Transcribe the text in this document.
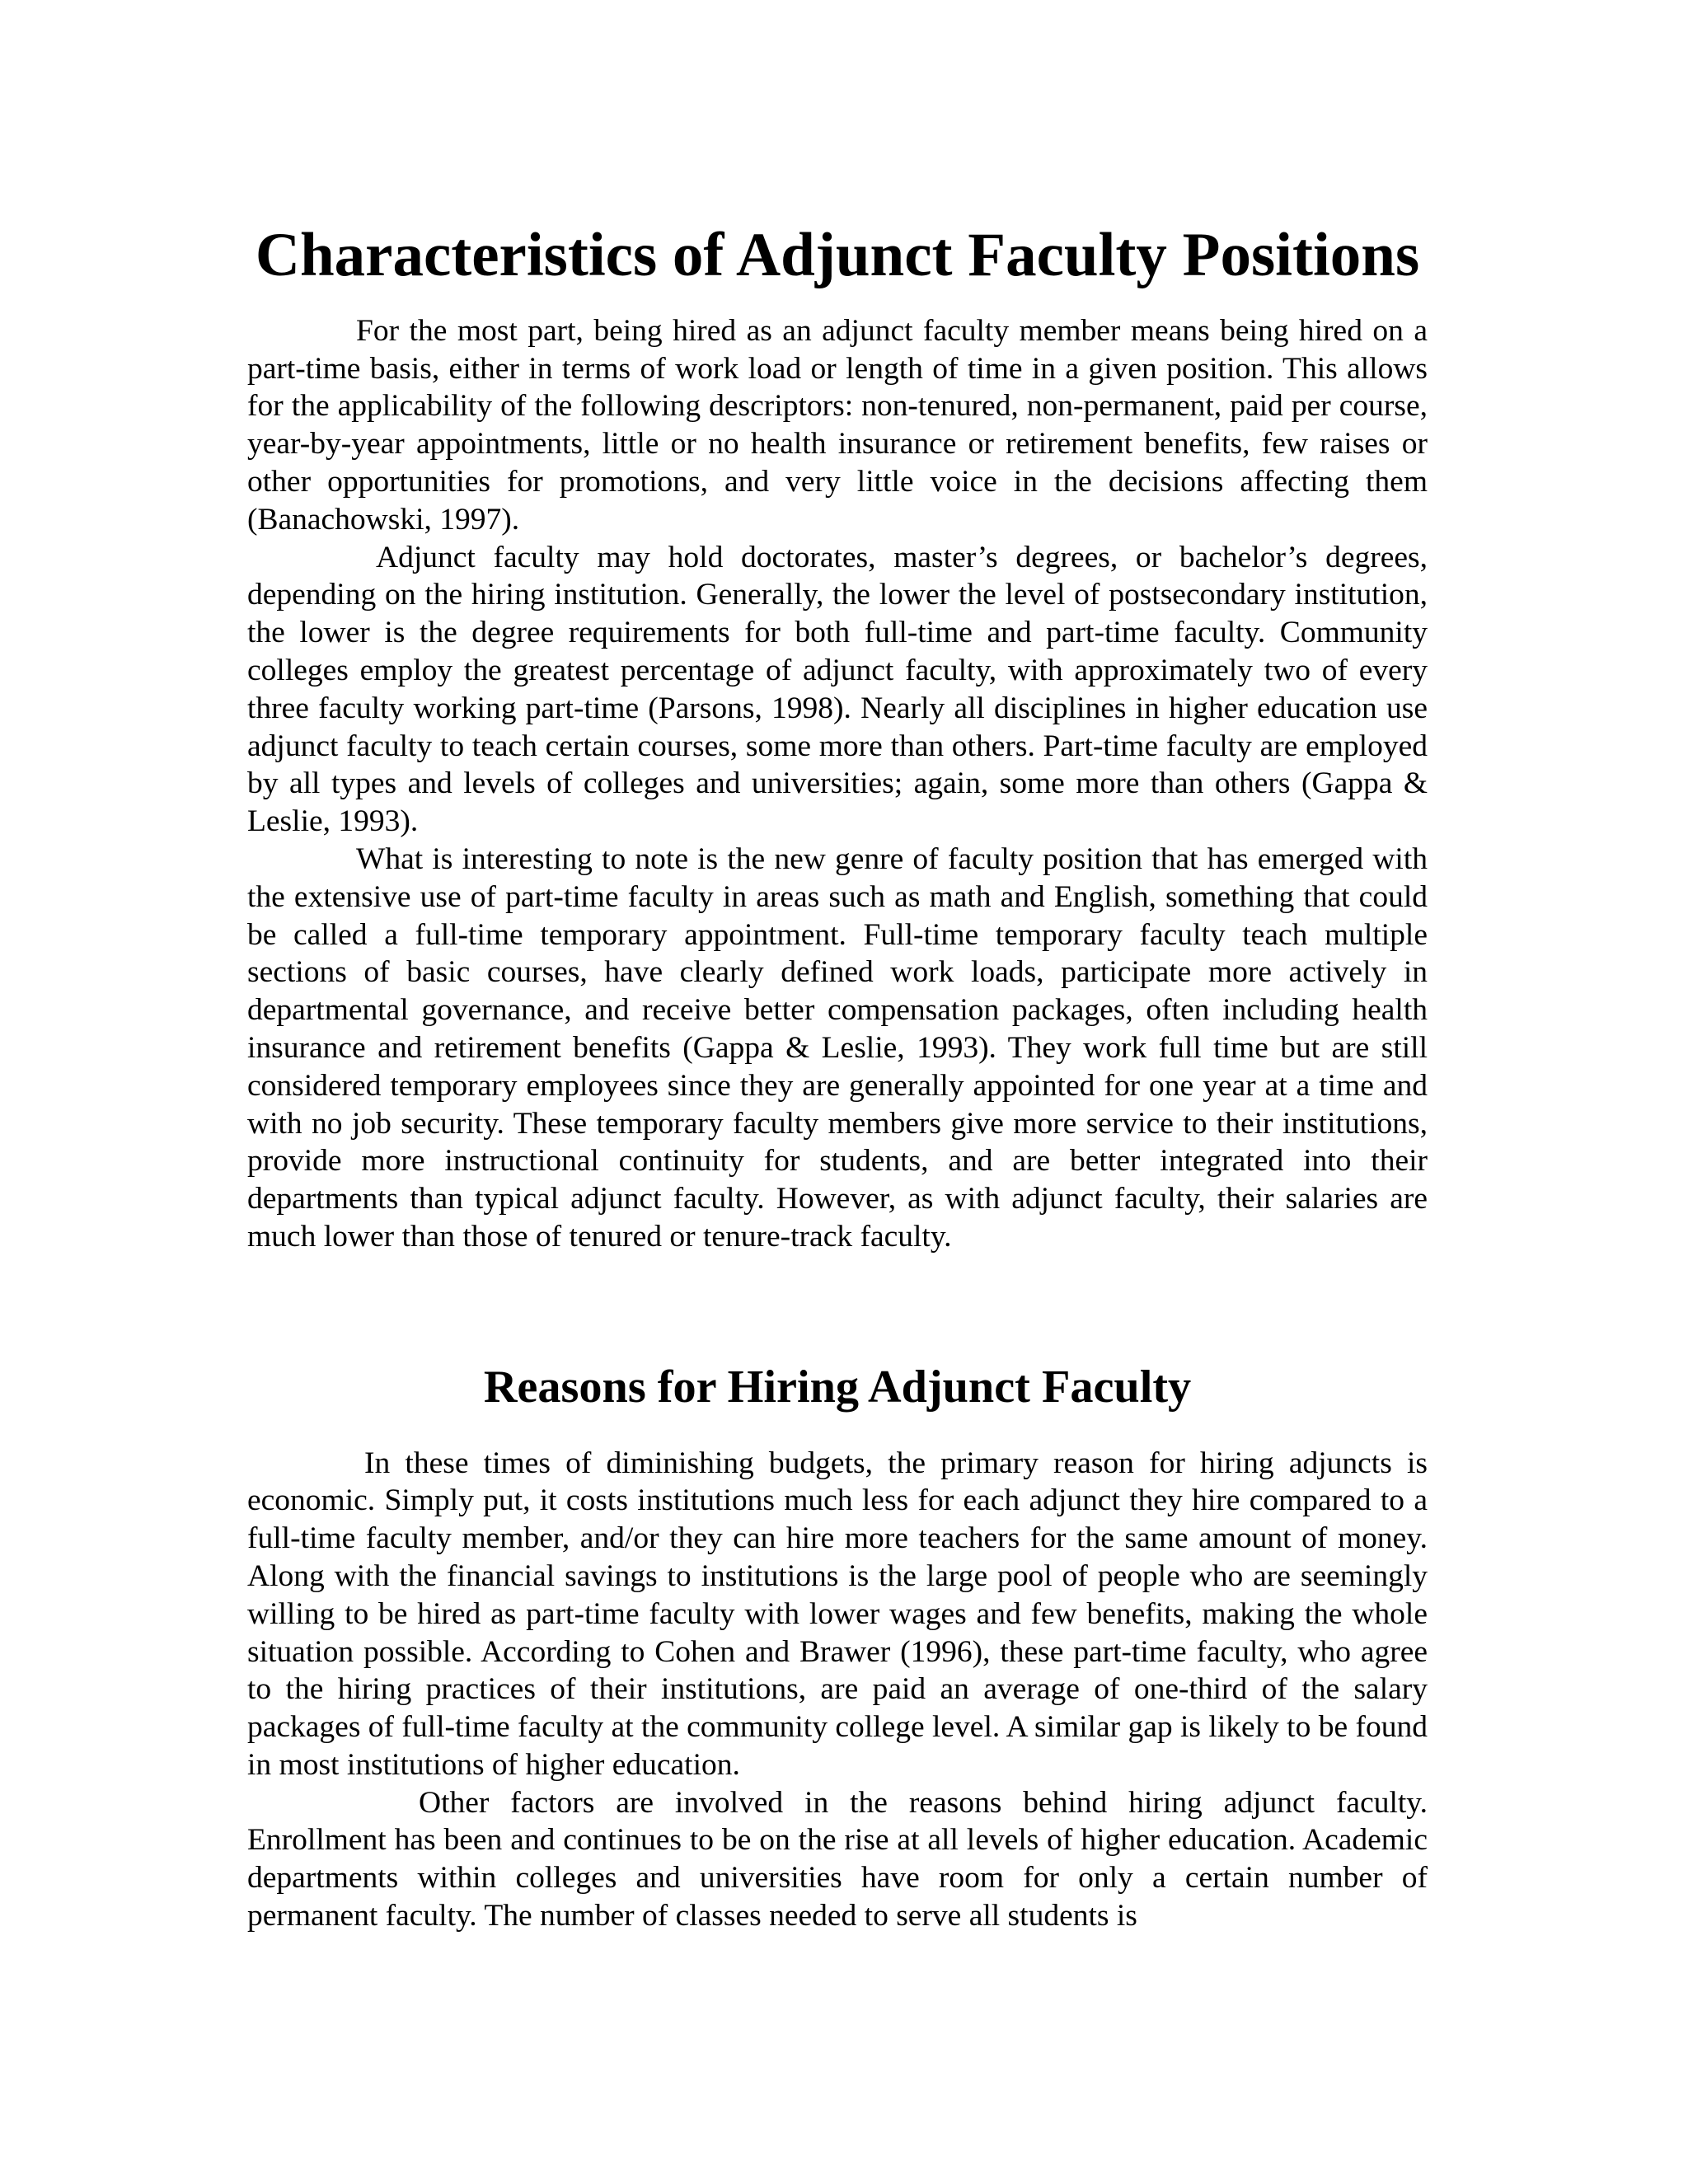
Characteristics of Adjunct Faculty Positions

For the most part, being hired as an adjunct faculty member means being hired on a part-time basis, either in terms of work load or length of time in a given position. This allows for the applicability of the following descriptors: non-tenured, non-permanent, paid per course, year-by-year appointments, little or no health insurance or retirement benefits, few raises or other opportunities for promotions, and very little voice in the decisions affecting them (Banachowski, 1997).

Adjunct faculty may hold doctorates, master’s degrees, or bachelor’s degrees, depending on the hiring institution. Generally, the lower the level of postsecondary institution, the lower is the degree requirements for both full-time and part-time faculty. Community colleges employ the greatest percentage of adjunct faculty, with approximately two of every three faculty working part-time (Parsons, 1998). Nearly all disciplines in higher education use adjunct faculty to teach certain courses, some more than others. Part-time faculty are employed by all types and levels of colleges and universities; again, some more than others (Gappa & Leslie, 1993).

What is interesting to note is the new genre of faculty position that has emerged with the extensive use of part-time faculty in areas such as math and English, something that could be called a full-time temporary appointment. Full-time temporary faculty teach multiple sections of basic courses, have clearly defined work loads, participate more actively in departmental governance, and receive better compensation packages, often including health insurance and retirement benefits (Gappa & Leslie, 1993). They work full time but are still considered temporary employees since they are generally appointed for one year at a time and with no job security. These temporary faculty members give more service to their institutions, provide more instructional continuity for students, and are better integrated into their departments than typical adjunct faculty. However, as with adjunct faculty, their salaries are much lower than those of tenured or tenure-track faculty.

Reasons for Hiring Adjunct Faculty

In these times of diminishing budgets, the primary reason for hiring adjuncts is economic. Simply put, it costs institutions much less for each adjunct they hire compared to a full-time faculty member, and/or they can hire more teachers for the same amount of money. Along with the financial savings to institutions is the large pool of people who are seemingly willing to be hired as part-time faculty with lower wages and few benefits, making the whole situation possible. According to Cohen and Brawer (1996), these part-time faculty, who agree to the hiring practices of their institutions, are paid an average of one-third of the salary packages of full-time faculty at the community college level. A similar gap is likely to be found in most institutions of higher education.

Other factors are involved in the reasons behind hiring adjunct faculty. Enrollment has been and continues to be on the rise at all levels of higher education. Academic departments within colleges and universities have room for only a certain number of permanent faculty. The number of classes needed to serve all students is
